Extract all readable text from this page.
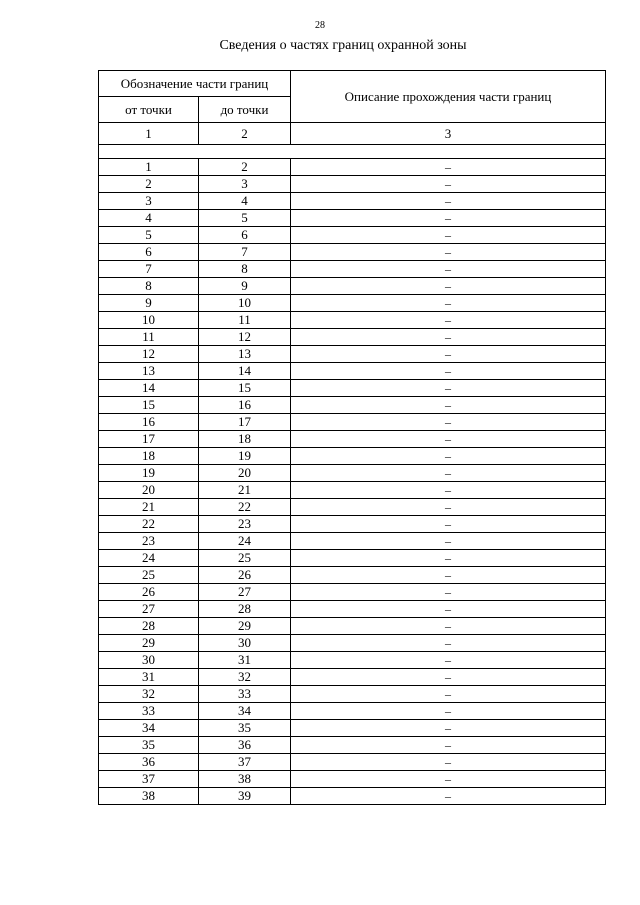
28
Сведения о частях границ охранной зоны
Обозначение части границ		Описание прохождения части границ
от точки	до точки	
1	2	3

1	2	–
2	3	–
3	4	–
4	5	–
5	6	–
6	7	–
7	8	–
8	9	–
9	10	–
10	11	–
11	12	–
12	13	–
13	14	–
14	15	–
15	16	–
16	17	–
17	18	–
18	19	–
19	20	–
20	21	–
21	22	–
22	23	–
23	24	–
24	25	–
25	26	–
26	27	–
27	28	–
28	29	–
29	30	–
30	31	–
31	32	–
32	33	–
33	34	–
34	35	–
35	36	–
36	37	–
37	38	–
38	39	–
